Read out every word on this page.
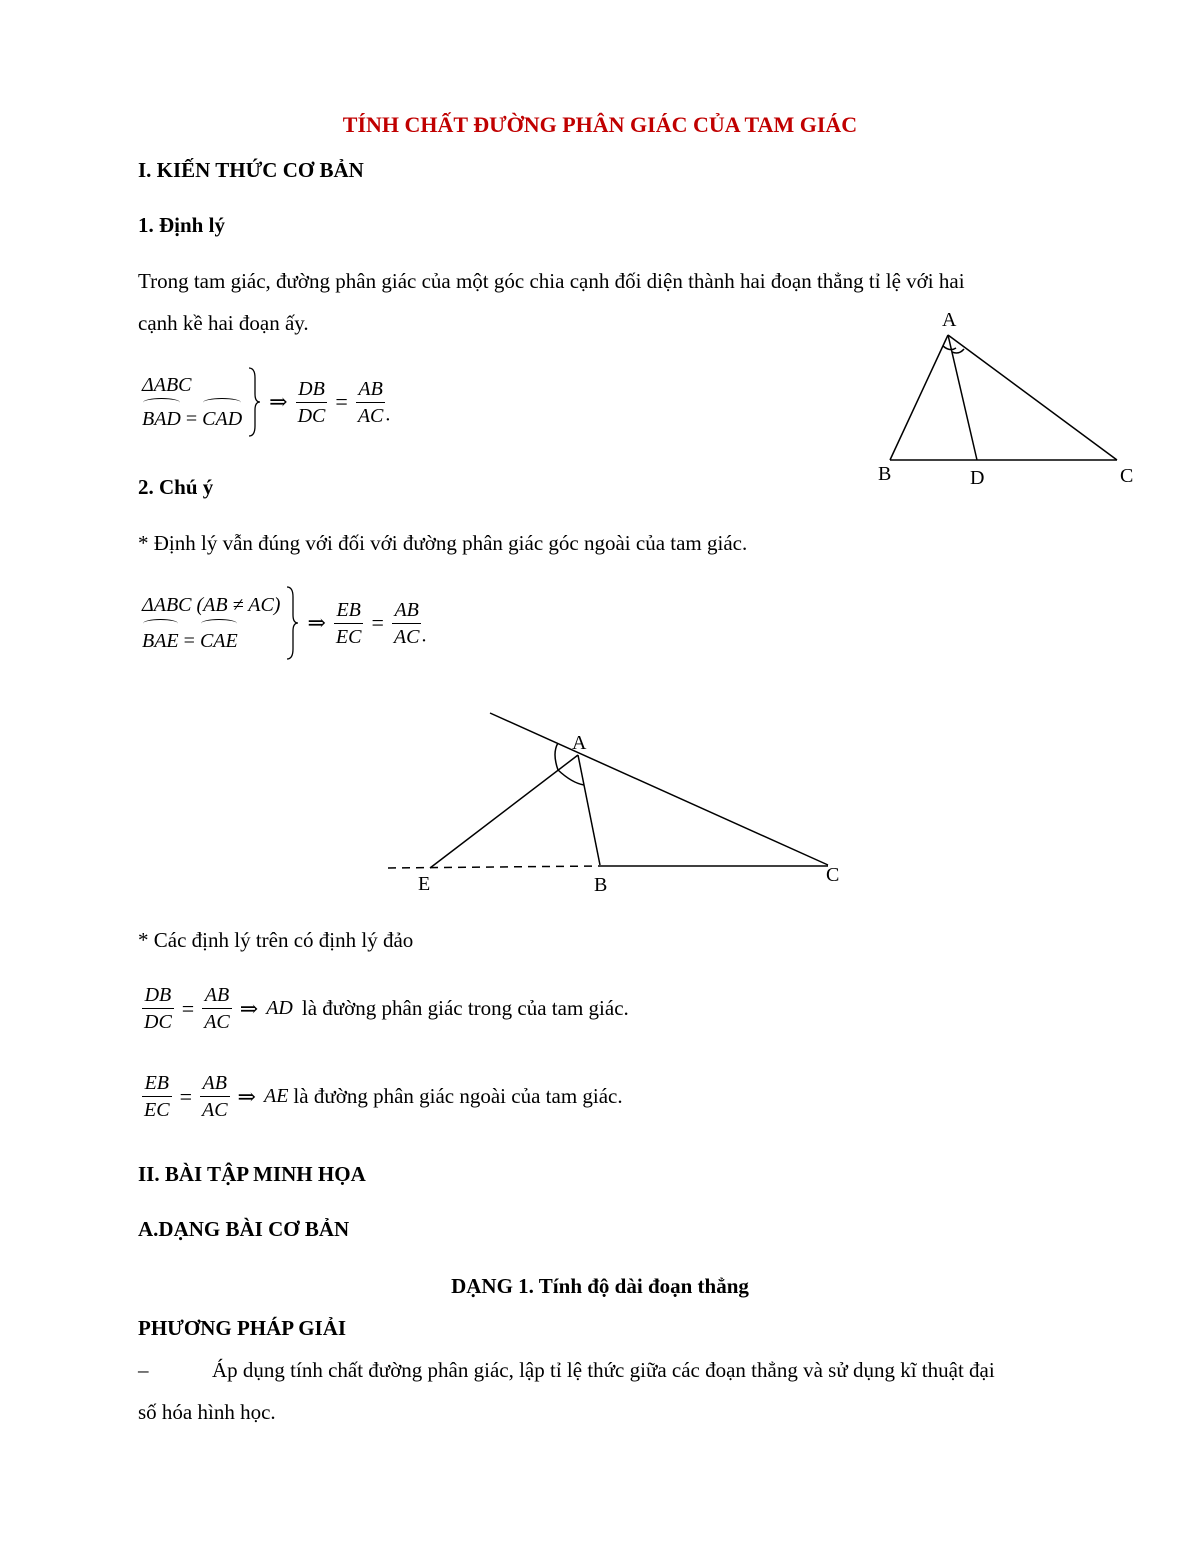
TÍNH CHẤT ĐƯỜNG PHÂN GIÁC CỦA TAM GIÁC
I. KIẾN THỨC CƠ BẢN
1. Định lý
Trong tam giác, đường phân giác của một góc chia cạnh đối diện thành hai đoạn thẳng tỉ lệ với hai
cạnh kề hai đoạn ấy.
ΔABC
BAD = CAD
⇒ $\frac{DB}{DC} = \frac{AB}{AC}$ .
A
B	D	C
2. Chú ý
* Định lý vẫn đúng với đối với đường phân giác góc ngoài của tam giác.
ΔABC (AB ≠ AC)
BAE = CAE
⇒ $\frac{EB}{EC} = \frac{AB}{AC}$ .
A
E	B	C
* Các định lý trên có định lý đảo
$\frac{DB}{DC} = \frac{AB}{AC}$ ⇒ AD là đường phân giác trong của tam giác.
$\frac{EB}{EC} = \frac{AB}{AC}$ ⇒ AE là đường phân giác ngoài của tam giác.
II. BÀI TẬP MINH HỌA
A.DẠNG BÀI CƠ BẢN
DẠNG 1. Tính độ dài đoạn thẳng
PHƯƠNG PHÁP GIẢI
–	Áp dụng tính chất đường phân giác, lập tỉ lệ thức giữa các đoạn thẳng và sử dụng kĩ thuật đại
số hóa hình học.
